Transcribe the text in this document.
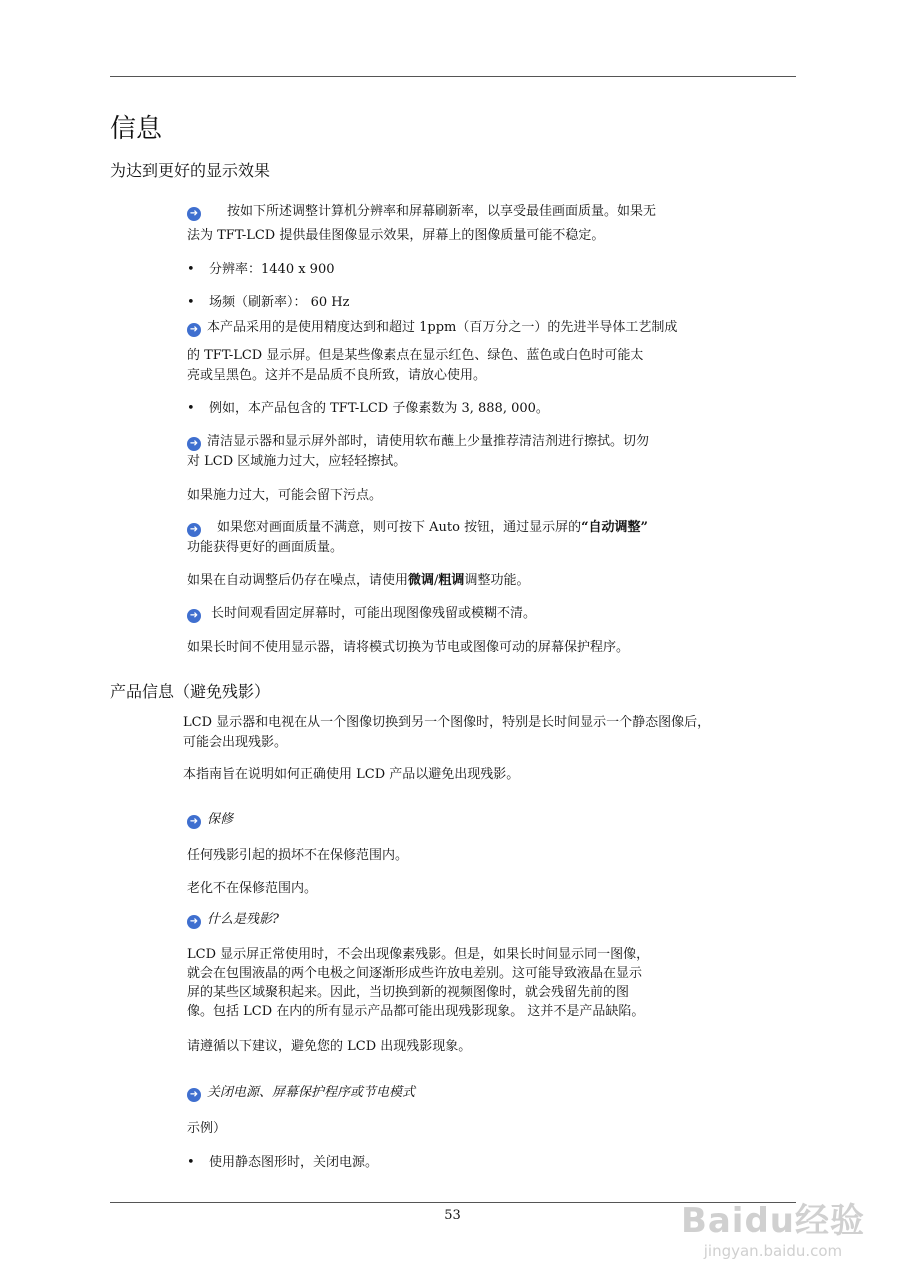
信息
为达到更好的显示效果
➜ 按如下所述调整计算机分辨率和屏幕刷新率，以享受最佳画面质量。如果无
法为 TFT-LCD 提供最佳图像显示效果，屏幕上的图像质量可能不稳定。
• 分辨率：1440 x 900
• 场频（刷新率）： 60 Hz
➜ 本产品采用的是使用精度达到和超过 1ppm（百万分之一）的先进半导体工艺制成
的 TFT-LCD 显示屏。但是某些像素点在显示红色、绿色、蓝色或白色时可能太
亮或呈黑色。这并不是品质不良所致，请放心使用。
• 例如，本产品包含的 TFT-LCD 子像素数为 3, 888, 000。
➜ 清洁显示器和显示屏外部时，请使用软布蘸上少量推荐清洁剂进行擦拭。切勿
对 LCD 区域施力过大，应轻轻擦拭。
如果施力过大，可能会留下污点。
➜ 如果您对画面质量不满意，则可按下 Auto 按钮，通过显示屏的“自动调整”
功能获得更好的画面质量。
如果在自动调整后仍存在噪点，请使用微调/粗调调整功能。
➜ 长时间观看固定屏幕时，可能出现图像残留或模糊不清。
如果长时间不使用显示器，请将模式切换为节电或图像可动的屏幕保护程序。
产品信息（避免残影）
LCD 显示器和电视在从一个图像切换到另一个图像时，特别是长时间显示一个静态图像后，
可能会出现残影。
本指南旨在说明如何正确使用 LCD 产品以避免出现残影。
➜ 保修
任何残影引起的损坏不在保修范围内。
老化不在保修范围内。
➜ 什么是残影?
LCD 显示屏正常使用时，不会出现像素残影。但是，如果长时间显示同一图像，
就会在包围液晶的两个电极之间逐渐形成些许放电差别。这可能导致液晶在显示
屏的某些区域聚积起来。因此，当切换到新的视频图像时，就会残留先前的图
像。包括 LCD 在内的所有显示产品都可能出现残影现象。 这并不是产品缺陷。
请遵循以下建议，避免您的 LCD 出现残影现象。
➜ 关闭电源、屏幕保护程序或节电模式
示例）
• 使用静态图形时，关闭电源。
53	Baidu经验
jingyan.baidu.com
